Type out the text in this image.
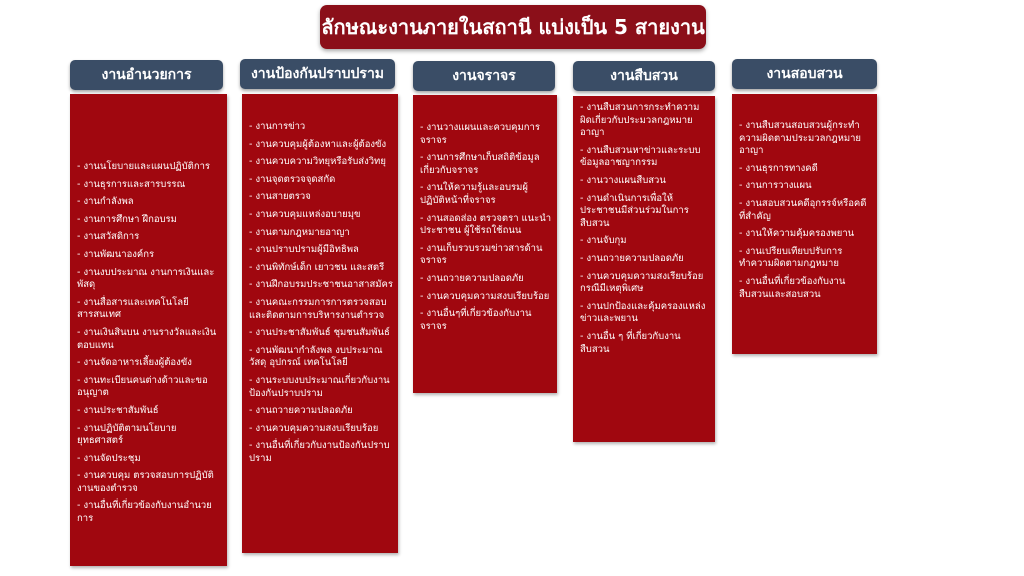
ลักษณะงานภายในสถานี แบ่งเป็น 5 สายงาน
งานอำนวยการ
- งานนโยบายและแผนปฏิบัติการ
- งานธุรการและสารบรรณ
- งานกำลังพล
- งานการศึกษา ฝึกอบรม
- งานสวัสดิการ
- งานพัฒนาองค์กร
- งานงบประมาณ งานการเงินและพัสดุ
- งานสื่อสารและเทคโนโลยีสารสนเทศ
- งานเงินสินบน งานรางวัลและเงินตอบแทน
- งานจัดอาหารเลี้ยงผู้ต้องขัง
- งานทะเบียนคนต่างด้าวและขออนุญาต
- งานประชาสัมพันธ์
- งานปฏิบัติตามนโยบายยุทธศาสตร์
- งานจัดประชุม
- งานควบคุม ตรวจสอบการปฏิบัติงานของตำรวจ
- งานอื่นที่เกี่ยวข้องกับงานอำนวยการ
งานป้องกันปราบปราม
- งานการข่าว
- งานควบคุมผู้ต้องหาและผู้ต้องขัง
- งานควบความวิทยุหรือรับส่งวิทยุ
- งานจุดตรวจจุดสกัด
- งานสายตรวจ
- งานควบคุมแหล่งอบายมุข
- งานตามกฎหมายอาญา
- งานปราบปรามผู้มีอิทธิพล
- งานพิทักษ์เด็ก เยาวชน และสตรี
- งานฝึกอบรมประชาชนอาสาสมัคร
- งานคณะกรรมการการตรวจสอบและติดตามการบริหารงานตำรวจ
- งานประชาสัมพันธ์ ชุมชนสัมพันธ์
- งานพัฒนากำลังพล งบประมาณ วัสดุ อุปกรณ์ เทคโนโลยี
- งานระบบงบประมาณเกี่ยวกับงานป้องกันปราบปราม
- งานถวายความปลอดภัย
- งานควบคุมความสงบเรียบร้อย
- งานอื่นที่เกี่ยวกับงานป้องกันปราบปราม
งานจราจร
- งานวางแผนและควบคุมการจราจร
- งานการศึกษาเก็บสถิติข้อมูลเกี่ยวกับจราจร
- งานให้ความรู้และอบรมผู้ปฏิบัติหน้าที่จราจร
- งานสอดส่อง ตรวจตรา แนะนำประชาชน ผู้ใช้รถใช้ถนน
- งานเก็บรวบรวมข่าวสารด้านจราจร
- งานถวายความปลอดภัย
- งานควบคุมความสงบเรียบร้อย
- งานอื่นๆที่เกี่ยวข้องกับงานจราจร
งานสืบสวน
- งานสืบสวนการกระทำความผิดเกี่ยวกับประมวลกฎหมายอาญา
- งานสืบสวนหาข่าวและระบบข้อมูลอาชญากรรม
- งานวางแผนสืบสวน
- งานดำเนินการเพื่อให้ประชาชนมีส่วนร่วมในการสืบสวน
- งานจับกุม
- งานถวายความปลอดภัย
- งานควบคุมความสงเรียบร้อยกรณีมีเหตุพิเศษ
- งานปกป้องและคุ้มครองแหล่งข่าวและพยาน
- งานอื่น ๆ ที่เกี่ยวกับงานสืบสวน
งานสอบสวน
- งานสืบสวนสอบสวนผู้กระทำความผิดตามประมวลกฎหมายอาญา
- งานธุรการทางคดี
- งานการวางแผน
- งานสอบสวนคดีอุกรรจ์หรือคดี ที่สำคัญ
- งานให้ความคุ้มครองพยาน
- งานเปรียบเทียบปรับการทำความผิดตามกฎหมาย
- งานอื่นที่เกี่ยวข้องกับงานสืบสวนและสอบสวน
